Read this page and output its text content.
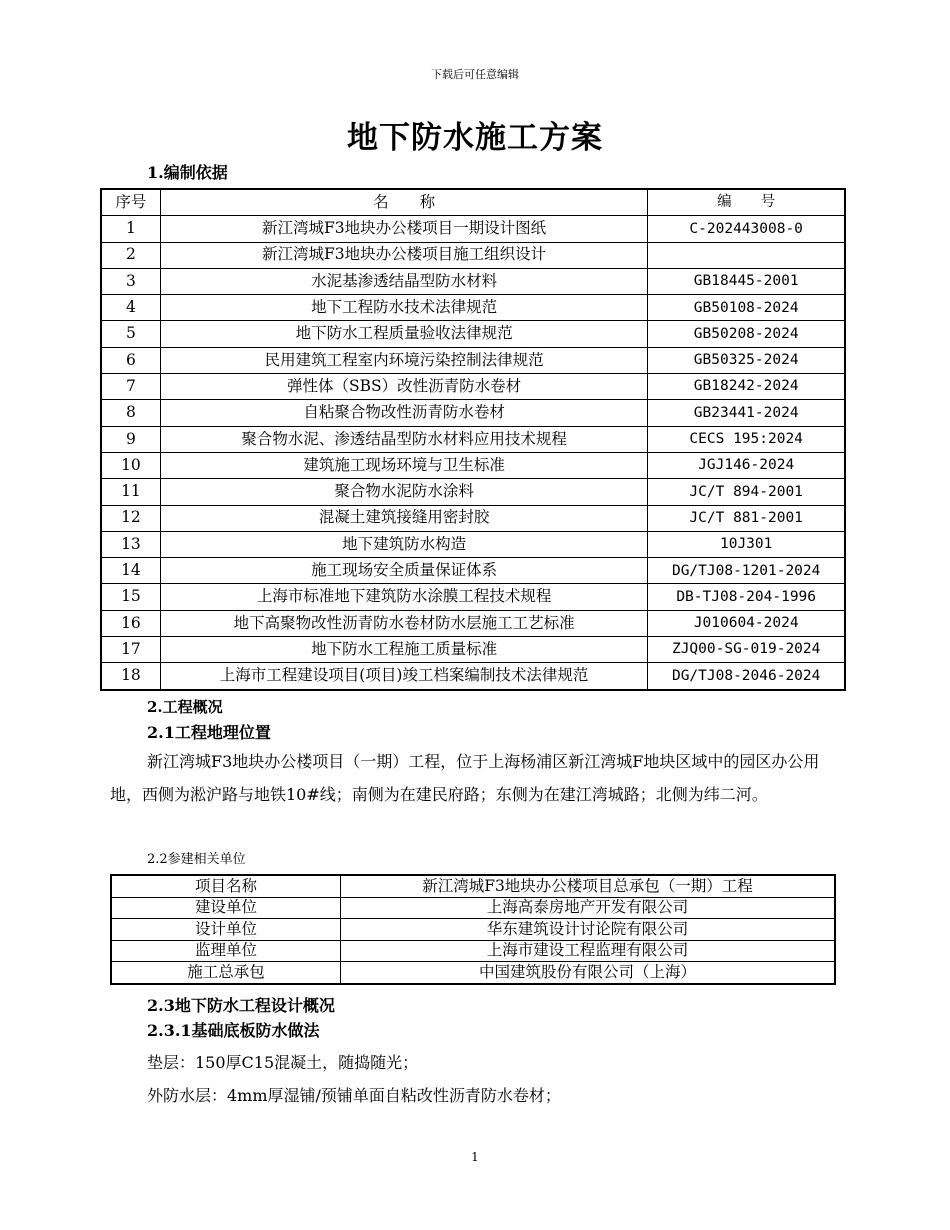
下载后可任意编辑
地下防水施工方案
1.编制依据
序号	名　　称	编　　号
1	新江湾城F3地块办公楼项目一期设计图纸	C-202443008-0
2	新江湾城F3地块办公楼项目施工组织设计	
3	水泥基渗透结晶型防水材料	GB18445-2001
4	地下工程防水技术法律规范	GB50108-2024
5	地下防水工程质量验收法律规范	GB50208-2024
6	民用建筑工程室内环境污染控制法律规范	GB50325-2024
7	弹性体（SBS）改性沥青防水卷材	GB18242-2024
8	自粘聚合物改性沥青防水卷材	GB23441-2024
9	聚合物水泥、渗透结晶型防水材料应用技术规程	CECS 195:2024
10	建筑施工现场环境与卫生标准	JGJ146-2024
11	聚合物水泥防水涂料	JC/T 894-2001
12	混凝土建筑接缝用密封胶	JC/T 881-2001
13	地下建筑防水构造	10J301
14	施工现场安全质量保证体系	DG/TJ08-1201-2024
15	上海市标准地下建筑防水涂膜工程技术规程	DB-TJ08-204-1996
16	地下高聚物改性沥青防水卷材防水层施工工艺标准	J010604-2024
17	地下防水工程施工质量标准	ZJQ00-SG-019-2024
18	上海市工程建设项目(项目)竣工档案编制技术法律规范	DG/TJ08-2046-2024
2.工程概况
2.1工程地理位置
新江湾城F3地块办公楼项目（一期）工程，位于上海杨浦区新江湾城F地块区域中的园区办公用地，西侧为淞沪路与地铁10#线；南侧为在建民府路；东侧为在建江湾城路；北侧为纬二河。
2.2参建相关单位
项目名称	新江湾城F3地块办公楼项目总承包（一期）工程
建设单位	上海高泰房地产开发有限公司
设计单位	华东建筑设计讨论院有限公司
监理单位	上海市建设工程监理有限公司
施工总承包	中国建筑股份有限公司（上海）
2.3地下防水工程设计概况
2.3.1基础底板防水做法
垫层：150厚C15混凝土，随捣随光；
外防水层：4mm厚湿铺/预铺单面自粘改性沥青防水卷材；
1
